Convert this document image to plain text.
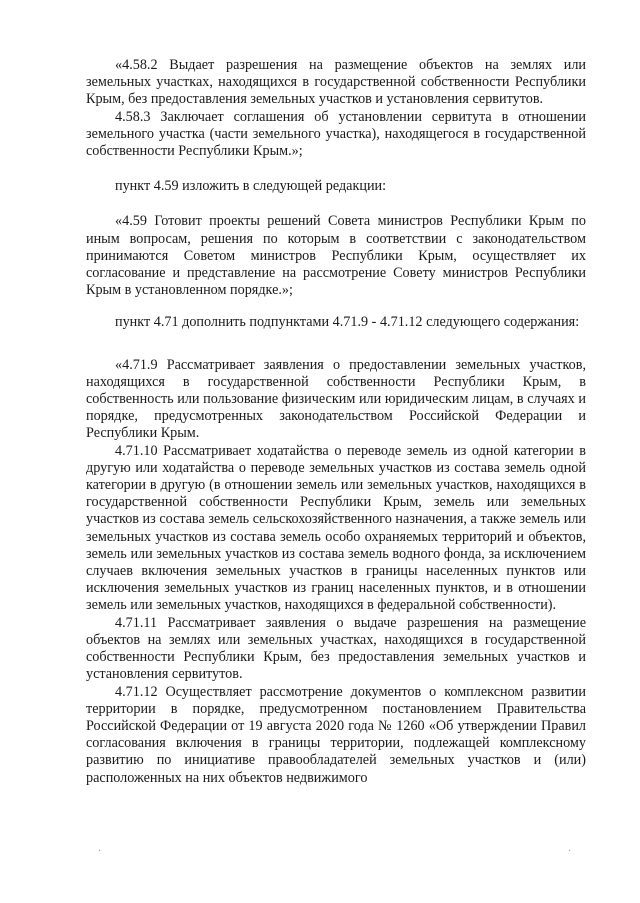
«4.58.2 Выдает разрешения на размещение объектов на землях или земельных участках, находящихся в государственной собственности Республики Крым, без предоставления земельных участков и установления сервитутов.

4.58.3 Заключает соглашения об установлении сервитута в отношении земельного участка (части земельного участка), находящегося в государственной собственности Республики Крым.»;

пункт 4.59 изложить в следующей редакции:

«4.59 Готовит проекты решений Совета министров Республики Крым по иным вопросам, решения по которым в соответствии с законодательством принимаются Советом министров Республики Крым, осуществляет их согласование и представление на рассмотрение Совету министров Республики Крым в установленном порядке.»;

пункт 4.71 дополнить подпунктами 4.71.9 - 4.71.12 следующего содержания:

«4.71.9 Рассматривает заявления о предоставлении земельных участков, находящихся в государственной собственности Республики Крым, в собственность или пользование физическим или юридическим лицам, в случаях и порядке, предусмотренных законодательством Российской Федерации и Республики Крым.

4.71.10 Рассматривает ходатайства о переводе земель из одной категории в другую или ходатайства о переводе земельных участков из состава земель одной категории в другую (в отношении земель или земельных участков, находящихся в государственной собственности Республики Крым, земель или земельных участков из состава земель сельскохозяйственного назначения, а также земель или земельных участков из состава земель особо охраняемых территорий и объектов, земель или земельных участков из состава земель водного фонда, за исключением случаев включения земельных участков в границы населенных пунктов или исключения земельных участков из границ населенных пунктов, и в отношении земель или земельных участков, находящихся в федеральной собственности).

4.71.11 Рассматривает заявления о выдаче разрешения на размещение объектов на землях или земельных участках, находящихся в государственной собственности Республики Крым, без предоставления земельных участков и установления сервитутов.

4.71.12 Осуществляет рассмотрение документов о комплексном развитии территории в порядке, предусмотренном постановлением Правительства Российской Федерации от 19 августа 2020 года № 1260 «Об утверждении Правил согласования включения в границы территории, подлежащей комплексному развитию по инициативе правообладателей земельных участков и (или) расположенных на них объектов недвижимого

·	·
